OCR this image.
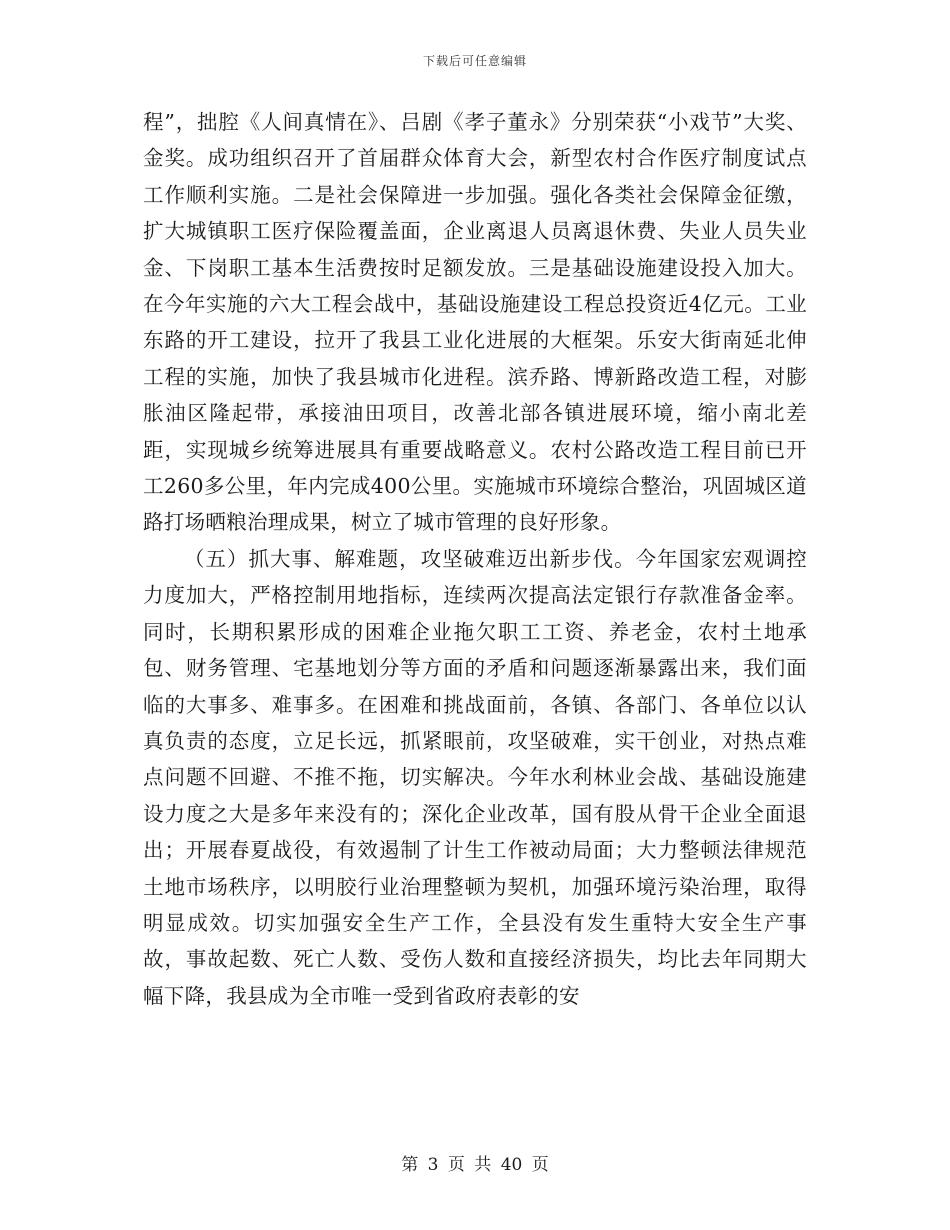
下载后可任意编辑

程”，拙腔《人间真情在》、吕剧《孝子董永》分别荣获“小戏节”大奖、金奖。成功组织召开了首届群众体育大会，新型农村合作医疗制度试点工作顺利实施。二是社会保障进一步加强。强化各类社会保障金征缴，扩大城镇职工医疗保险覆盖面，企业离退人员离退休费、失业人员失业金、下岗职工基本生活费按时足额发放。三是基础设施建设投入加大。在今年实施的六大工程会战中，基础设施建设工程总投资近4亿元。工业东路的开工建设，拉开了我县工业化进展的大框架。乐安大街南延北伸工程的实施，加快了我县城市化进程。滨乔路、博新路改造工程，对膨胀油区隆起带，承接油田项目，改善北部各镇进展环境，缩小南北差距，实现城乡统筹进展具有重要战略意义。农村公路改造工程目前已开工260多公里，年内完成400公里。实施城市环境综合整治，巩固城区道路打场晒粮治理成果，树立了城市管理的良好形象。

（五）抓大事、解难题，攻坚破难迈出新步伐。今年国家宏观调控力度加大，严格控制用地指标，连续两次提高法定银行存款准备金率。同时，长期积累形成的困难企业拖欠职工工资、养老金，农村土地承包、财务管理、宅基地划分等方面的矛盾和问题逐渐暴露出来，我们面临的大事多、难事多。在困难和挑战面前，各镇、各部门、各单位以认真负责的态度，立足长远，抓紧眼前，攻坚破难，实干创业，对热点难点问题不回避、不推不拖，切实解决。今年水利林业会战、基础设施建设力度之大是多年来没有的；深化企业改革，国有股从骨干企业全面退出；开展春夏战役，有效遏制了计生工作被动局面；大力整顿法律规范土地市场秩序，以明胶行业治理整顿为契机，加强环境污染治理，取得明显成效。切实加强安全生产工作，全县没有发生重特大安全生产事故，事故起数、死亡人数、受伤人数和直接经济损失，均比去年同期大幅下降，我县成为全市唯一受到省政府表彰的安

第 3 页 共 40 页
